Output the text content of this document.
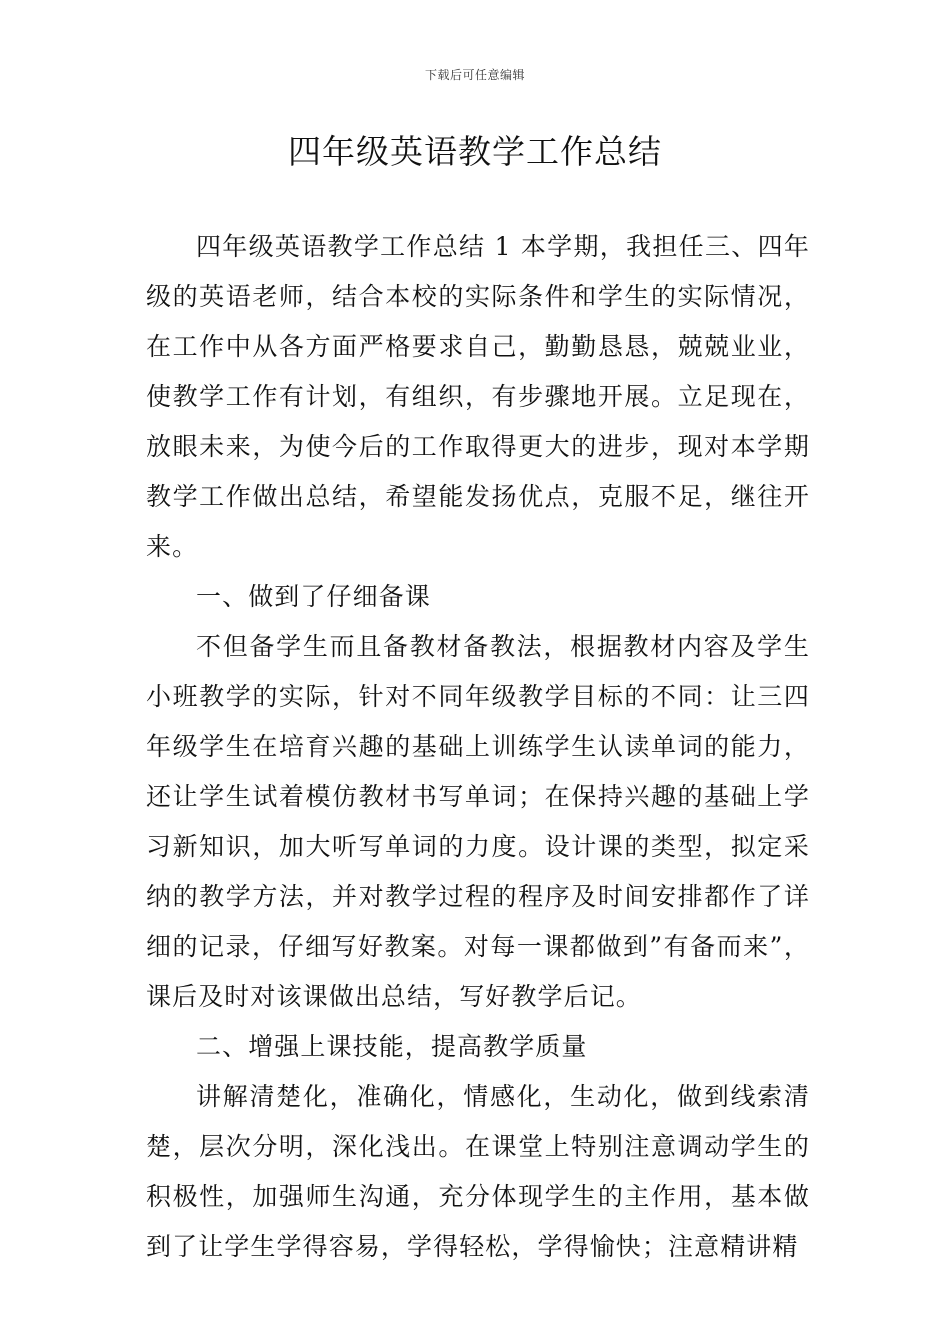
下载后可任意编辑
四年级英语教学工作总结

四年级英语教学工作总结 1 本学期，我担任三、四年级的英语老师，结合本校的实际条件和学生的实际情况，在工作中从各方面严格要求自己，勤勤恳恳，兢兢业业，使教学工作有计划，有组织，有步骤地开展。立足现在，放眼未来，为使今后的工作取得更大的进步，现对本学期教学工作做出总结，希望能发扬优点，克服不足，继往开来。

一、做到了仔细备课

不但备学生而且备教材备教法，根据教材内容及学生小班教学的实际，针对不同年级教学目标的不同：让三四年级学生在培育兴趣的基础上训练学生认读单词的能力，还让学生试着模仿教材书写单词；在保持兴趣的基础上学习新知识，加大听写单词的力度。设计课的类型，拟定采纳的教学方法，并对教学过程的程序及时间安排都作了详细的记录，仔细写好教案。对每一课都做到”有备而来”，课后及时对该课做出总结，写好教学后记。

二、增强上课技能，提高教学质量

讲解清楚化，准确化，情感化，生动化，做到线索清楚，层次分明，深化浅出。在课堂上特别注意调动学生的积极性，加强师生沟通，充分体现学生的主作用，基本做到了让学生学得容易，学得轻松，学得愉快；注意精讲精
